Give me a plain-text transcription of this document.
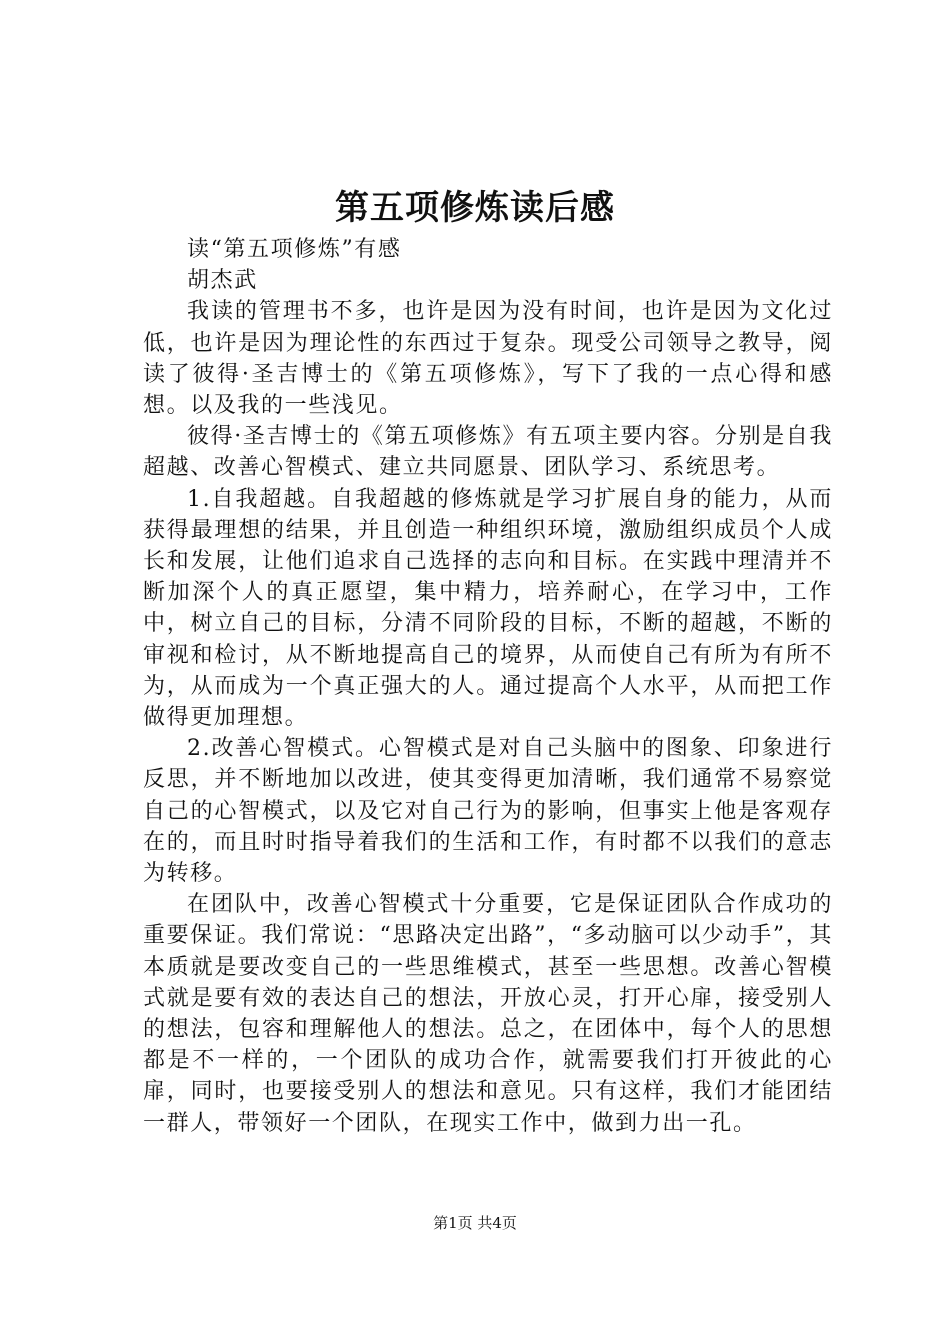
第五项修炼读后感

读“第五项修炼”有感

胡杰武

我读的管理书不多，也许是因为没有时间，也许是因为文化过低，也许是因为理论性的东西过于复杂。现受公司领导之教导，阅读了彼得·圣吉博士的《第五项修炼》，写下了我的一点心得和感想。以及我的一些浅见。

彼得·圣吉博士的《第五项修炼》有五项主要内容。分别是自我超越、改善心智模式、建立共同愿景、团队学习、系统思考。

1.自我超越。自我超越的修炼就是学习扩展自身的能力，从而获得最理想的结果，并且创造一种组织环境，激励组织成员个人成长和发展，让他们追求自己选择的志向和目标。在实践中理清并不断加深个人的真正愿望，集中精力，培养耐心，在学习中，工作中，树立自己的目标，分清不同阶段的目标，不断的超越，不断的审视和检讨，从不断地提高自己的境界，从而使自己有所为有所不为，从而成为一个真正强大的人。通过提高个人水平，从而把工作做得更加理想。

2.改善心智模式。心智模式是对自己头脑中的图象、印象进行反思，并不断地加以改进，使其变得更加清晰，我们通常不易察觉自己的心智模式，以及它对自己行为的影响，但事实上他是客观存在的，而且时时指导着我们的生活和工作，有时都不以我们的意志为转移。

在团队中，改善心智模式十分重要，它是保证团队合作成功的重要保证。我们常说：“思路决定出路”，“多动脑可以少动手”，其本质就是要改变自己的一些思维模式，甚至一些思想。改善心智模式就是要有效的表达自己的想法，开放心灵，打开心扉，接受别人的想法，包容和理解他人的想法。总之，在团体中，每个人的思想都是不一样的，一个团队的成功合作，就需要我们打开彼此的心扉，同时，也要接受别人的想法和意见。只有这样，我们才能团结一群人，带领好一个团队，在现实工作中，做到力出一孔。

第1页 共4页
